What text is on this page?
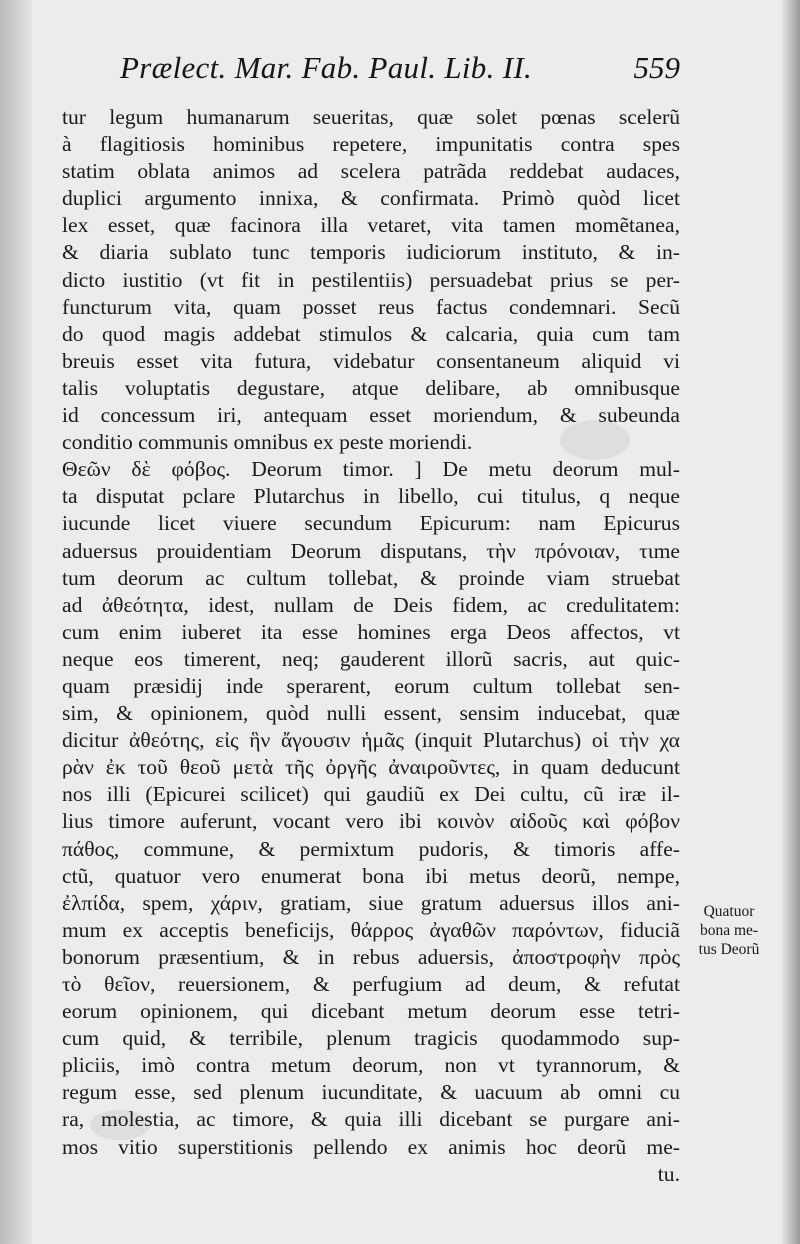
Prælect. Mar. Fab. Paul. Lib. II.	559
tur legum humanarum seueritas, quæ solet pœnas scelerũ
à flagitiosis hominibus repetere, impunitatis contra spes
statim oblata animos ad scelera patrãda reddebat audaces,
duplici argumento innixa, & confirmata. Primò quòd licet
lex esset, quæ facinora illa vetaret, vita tamen momẽtanea,
& diaria sublato tunc temporis iudiciorum instituto, & in-
dicto iustitio (vt fit in pestilentiis) persuadebat prius se per-
functurum vita, quam posset reus factus condemnari. Secũ
do quod magis addebat stimulos & calcaria, quia cum tam
breuis esset vita futura, videbatur consentaneum aliquid vi
talis voluptatis degustare, atque delibare, ab omnibusque
id concessum iri, antequam esset moriendum, & subeunda
conditio communis omnibus ex peste moriendi.
Θεῶν δὲ φόβος. Deorum timor. ] De metu deorum mul-
ta disputat pclare Plutarchus in libello, cui titulus, q neque
iucunde licet viuere secundum Epicurum: nam Epicurus
aduersus prouidentiam Deorum disputans, τὴν πρόνοιαν, τιme
tum deorum ac cultum tollebat, & proinde viam struebat
ad ἀθεότητα, idest, nullam de Deis fidem, ac credulitatem:
cum enim iuberet ita esse homines erga Deos affectos, vt
neque eos timerent, neq; gauderent illorũ sacris, aut quic-
quam præsidij inde sperarent, eorum cultum tollebat sen-
sim, & opinionem, quòd nulli essent, sensim inducebat, quæ
dicitur ἀθεότης, εἰς ἣν ἄγουσιν ἡμᾶς (inquit Plutarchus) οἱ τὴν χα
ρὰν ἐκ τοῦ θεοῦ μετὰ τῆς ὀργῆς ἀναιροῦντες, in quam deducunt
nos illi (Epicurei scilicet) qui gaudiũ ex Dei cultu, cũ iræ il-
lius timore auferunt, vocant vero ibi κοινὸν αἰδοῦς καὶ φόβον
πάθος, commune, & permixtum pudoris, & timoris affe-
ctũ, quatuor vero enumerat bona ibi metus deorũ, nempe,
ἐλπίδα, spem, χάριν, gratiam, siue gratum aduersus illos ani-
mum ex acceptis beneficijs, θάρρος ἀγαθῶν παρόντων, fiduciã
bonorum præsentium, & in rebus aduersis, ἀποστροφὴν πρὸς
τὸ θεῖον, reuersionem, & perfugium ad deum, & refutat
eorum opinionem, qui dicebant metum deorum esse tetri-
cum quid, & terribile, plenum tragicis quodammodo sup-
pliciis, imò contra metum deorum, non vt tyrannorum, &
regum esse, sed plenum iucunditate, & uacuum ab omni cu
ra, molestia, ac timore, & quia illi dicebant se purgare ani-
mos vitio superstitionis pellendo ex animis hoc deorũ me-
tu.
Quatuor
bona me-
tus Deorũ
